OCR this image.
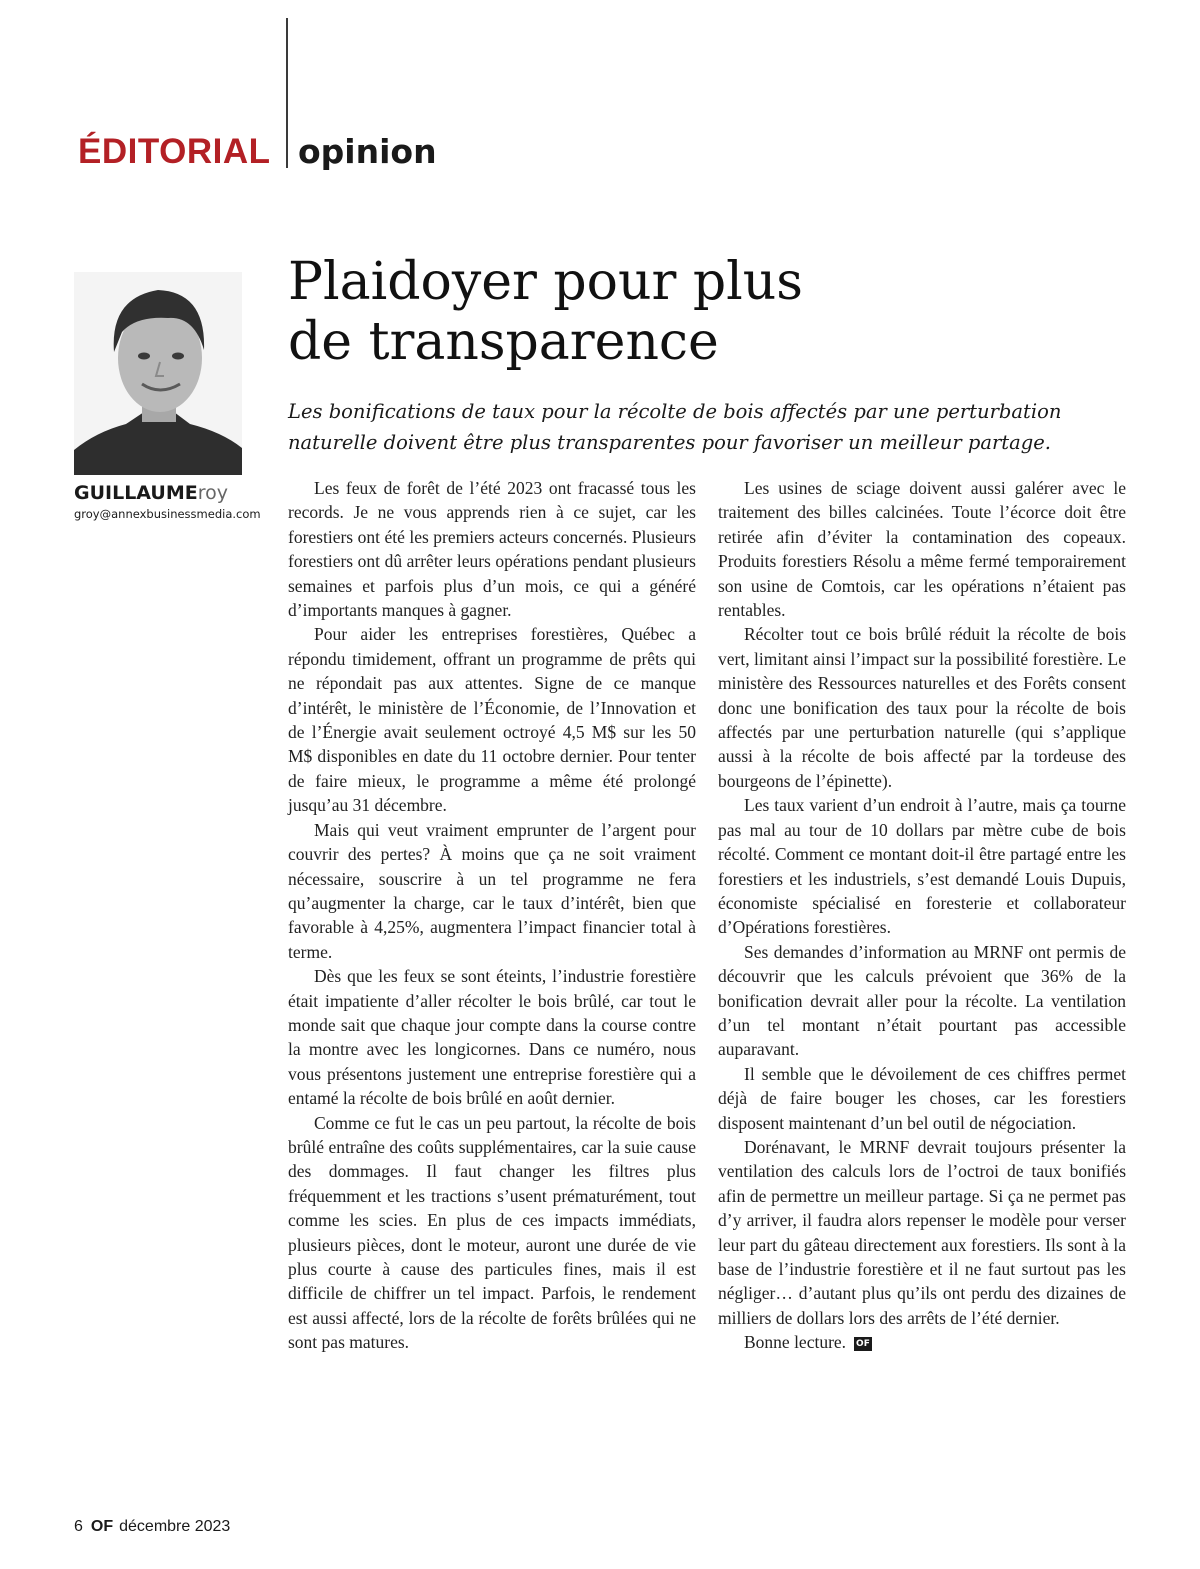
ÉDITORIAL opinion
GUILLAUMEroy
groy@annexbusinessmedia.com
Plaidoyer pour plus
de transparence

Les bonifications de taux pour la récolte de bois affectés par une perturbation
naturelle doivent être plus transparentes pour favoriser un meilleur partage.

Les feux de forêt de l’été 2023 ont fracassé tous les records. Je ne vous apprends rien à ce sujet, car les forestiers ont été les premiers acteurs concernés. Plusieurs forestiers ont dû arrêter leurs opérations pendant plusieurs semaines et parfois plus d’un mois, ce qui a généré d’importants manques à gagner.

Pour aider les entreprises forestières, Québec a répondu timidement, offrant un programme de prêts qui ne répondait pas aux attentes. Signe de ce manque d’intérêt, le ministère de l’Économie, de l’Innovation et de l’Énergie avait seulement octroyé 4,5 M$ sur les 50 M$ disponibles en date du 11 octobre dernier. Pour tenter de faire mieux, le programme a même été prolongé jusqu’au 31 décembre.

Mais qui veut vraiment emprunter de l’argent pour couvrir des pertes? À moins que ça ne soit vraiment nécessaire, souscrire à un tel programme ne fera qu’augmenter la charge, car le taux d’intérêt, bien que favorable à 4,25%, augmentera l’impact financier total à terme.

Dès que les feux se sont éteints, l’industrie forestière était impatiente d’aller récolter le bois brûlé, car tout le monde sait que chaque jour compte dans la course contre la montre avec les longicornes. Dans ce numéro, nous vous présentons justement une entreprise forestière qui a entamé la récolte de bois brûlé en août dernier.

Comme ce fut le cas un peu partout, la récolte de bois brûlé entraîne des coûts supplémentaires, car la suie cause des dommages. Il faut changer les filtres plus fréquemment et les tractions s’usent prématurément, tout comme les scies. En plus de ces impacts immédiats, plusieurs pièces, dont le moteur, auront une durée de vie plus courte à cause des particules fines, mais il est difficile de chiffrer un tel impact. Parfois, le rendement est aussi affecté, lors de la récolte de forêts brûlées qui ne sont pas matures.

Les usines de sciage doivent aussi galérer avec le traitement des billes calcinées. Toute l’écorce doit être retirée afin d’éviter la contamination des copeaux. Produits forestiers Résolu a même fermé temporairement son usine de Comtois, car les opérations n’étaient pas rentables.

Récolter tout ce bois brûlé réduit la récolte de bois vert, limitant ainsi l’impact sur la possibilité forestière. Le ministère des Ressources naturelles et des Forêts consent donc une bonification des taux pour la récolte de bois affectés par une perturbation naturelle (qui s’applique aussi à la récolte de bois affecté par la tordeuse des bourgeons de l’épinette).

Les taux varient d’un endroit à l’autre, mais ça tourne pas mal au tour de 10 dollars par mètre cube de bois récolté. Comment ce montant doit-il être partagé entre les forestiers et les industriels, s’est demandé Louis Dupuis, économiste spécialisé en foresterie et collaborateur d’Opérations forestières.

Ses demandes d’information au MRNF ont permis de découvrir que les calculs prévoient que 36% de la bonification devrait aller pour la récolte. La ventilation d’un tel montant n’était pourtant pas accessible auparavant.

Il semble que le dévoilement de ces chiffres permet déjà de faire bouger les choses, car les forestiers disposent maintenant d’un bel outil de négociation.

Dorénavant, le MRNF devrait toujours présenter la ventilation des calculs lors de l’octroi de taux bonifiés afin de permettre un meilleur partage. Si ça ne permet pas d’y arriver, il faudra alors repenser le modèle pour verser leur part du gâteau directement aux forestiers. Ils sont à la base de l’industrie forestière et il ne faut surtout pas les négliger… d’autant plus qu’ils ont perdu des dizaines de milliers de dollars lors des arrêts de l’été dernier.

Bonne lecture. OF

6 OF décembre 2023
